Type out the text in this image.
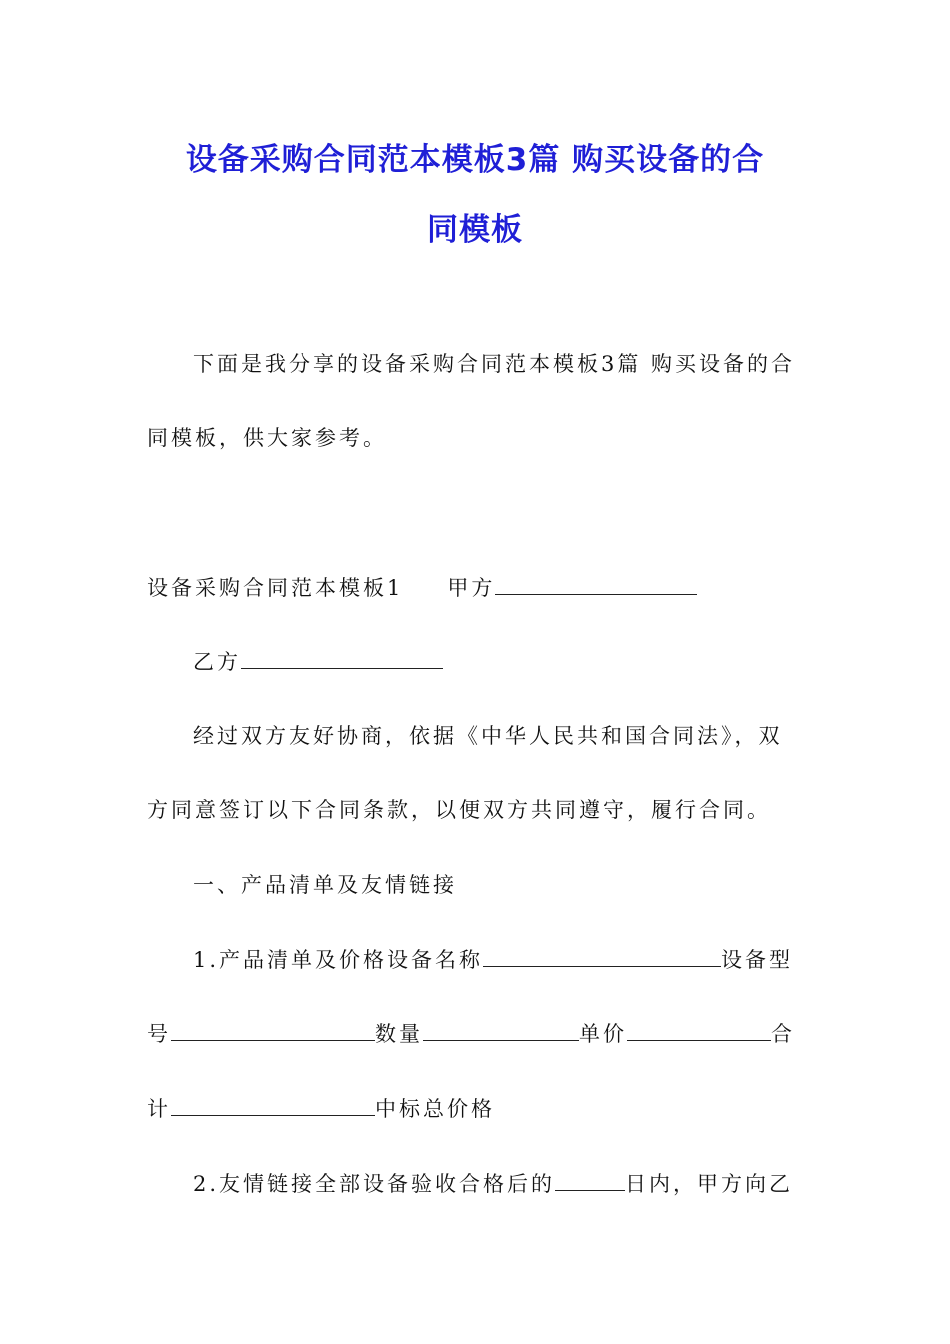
设备采购合同范本模板3篇 购买设备的合
同模板
下面是我分享的设备采购合同范本模板3篇 购买设备的合
同模板，供大家参考。
设备采购合同范本模板1 甲方
乙方
经过双方友好协商，依据《中华人民共和国合同法》，双
方同意签订以下合同条款，以便双方共同遵守，履行合同。
一、产品清单及友情链接
1.产品清单及价格设备名称	设备型
号	数量	单价	合
计	中标总价格
2.友情链接全部设备验收合格后的	日内，甲方向乙
